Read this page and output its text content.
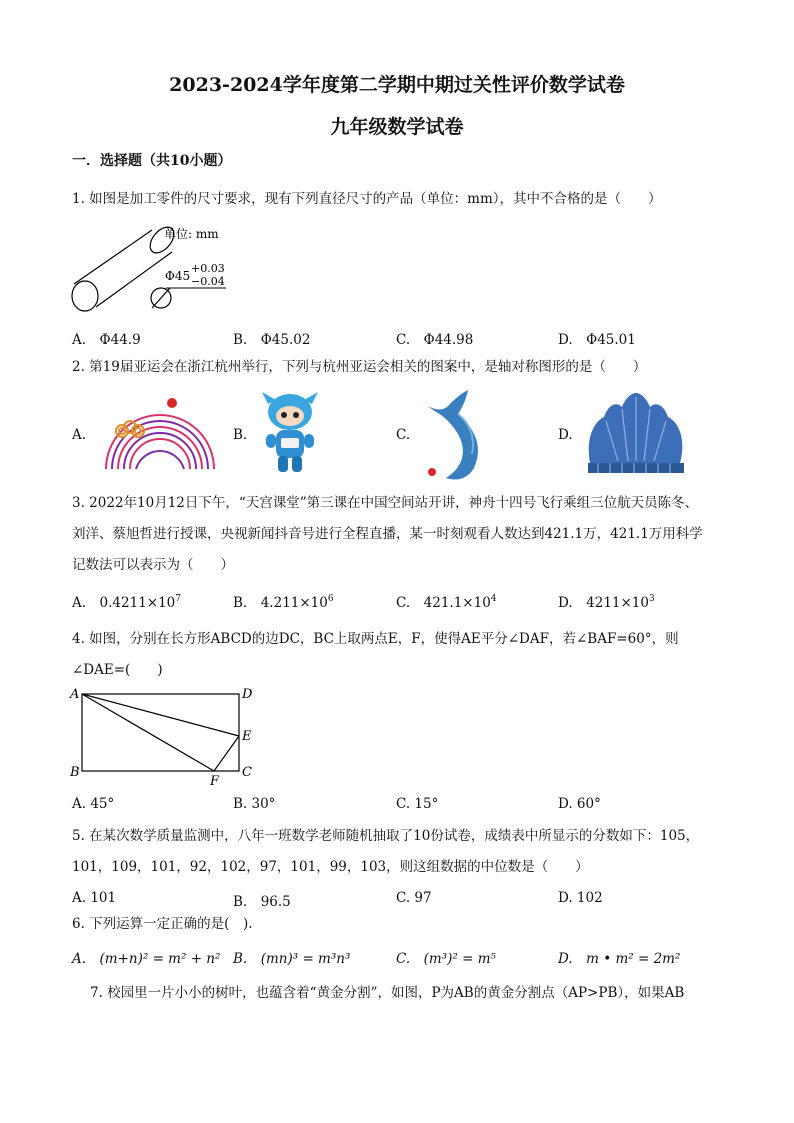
2023-2024学年度第二学期中期过关性评价数学试卷
九年级数学试卷
一．选择题（共10小题）
1. 如图是加工零件的尺寸要求，现有下列直径尺寸的产品（单位：mm），其中不合格的是（　　）
单位: mm
Φ45
+0.03
−0.04
A.　Φ44.9	B.　Φ45.02	C.　Φ44.98	D.　Φ45.01
2. 第19届亚运会在浙江杭州举行，下列与杭州亚运会相关的图案中，是轴对称图形的是（　　）
A.	B.	C.	D.
3. 2022年10月12日下午，“天宫课堂”第三课在中国空间站开讲，神舟十四号飞行乘组三位航天员陈冬、
刘洋、蔡旭哲进行授课，央视新闻抖音号进行全程直播，某一时刻观看人数达到421.1万，421.1万用科学
记数法可以表示为（　　）
A.  $0.4211\times 10^7$	B.  $4.211\times 10^6$	C.  $421.1\times 10^4$	D.  $4211\times 10^3$
4. 如图，分别在长方形ABCD的边DC，BC上取两点E，F，使得AE平分∠DAF，若∠BAF=60°，则
∠DAE=(　　)
A	D
B	C
E
F
A. 45°	B. 30°	C. 15°	D. 60°
5. 在某次数学质量监测中，八年一班数学老师随机抽取了10份试卷，成绩表中所显示的分数如下：105，
101，109，101，92，102，97，101，99，103，则这组数据的中位数是（　　）
A. 101	B.　96.5	C. 97	D. 102
6. 下列运算一定正确的是(　).
A.　(m+n)² = m² + n² B.　(mn)³ = m³n³	C.　(m³)² = m⁵	D.　m • m² = 2m²
7. 校园里一片小小的树叶，也蕴含着“黄金分割”，如图，P为AB的黄金分割点（AP>PB），如果AB
